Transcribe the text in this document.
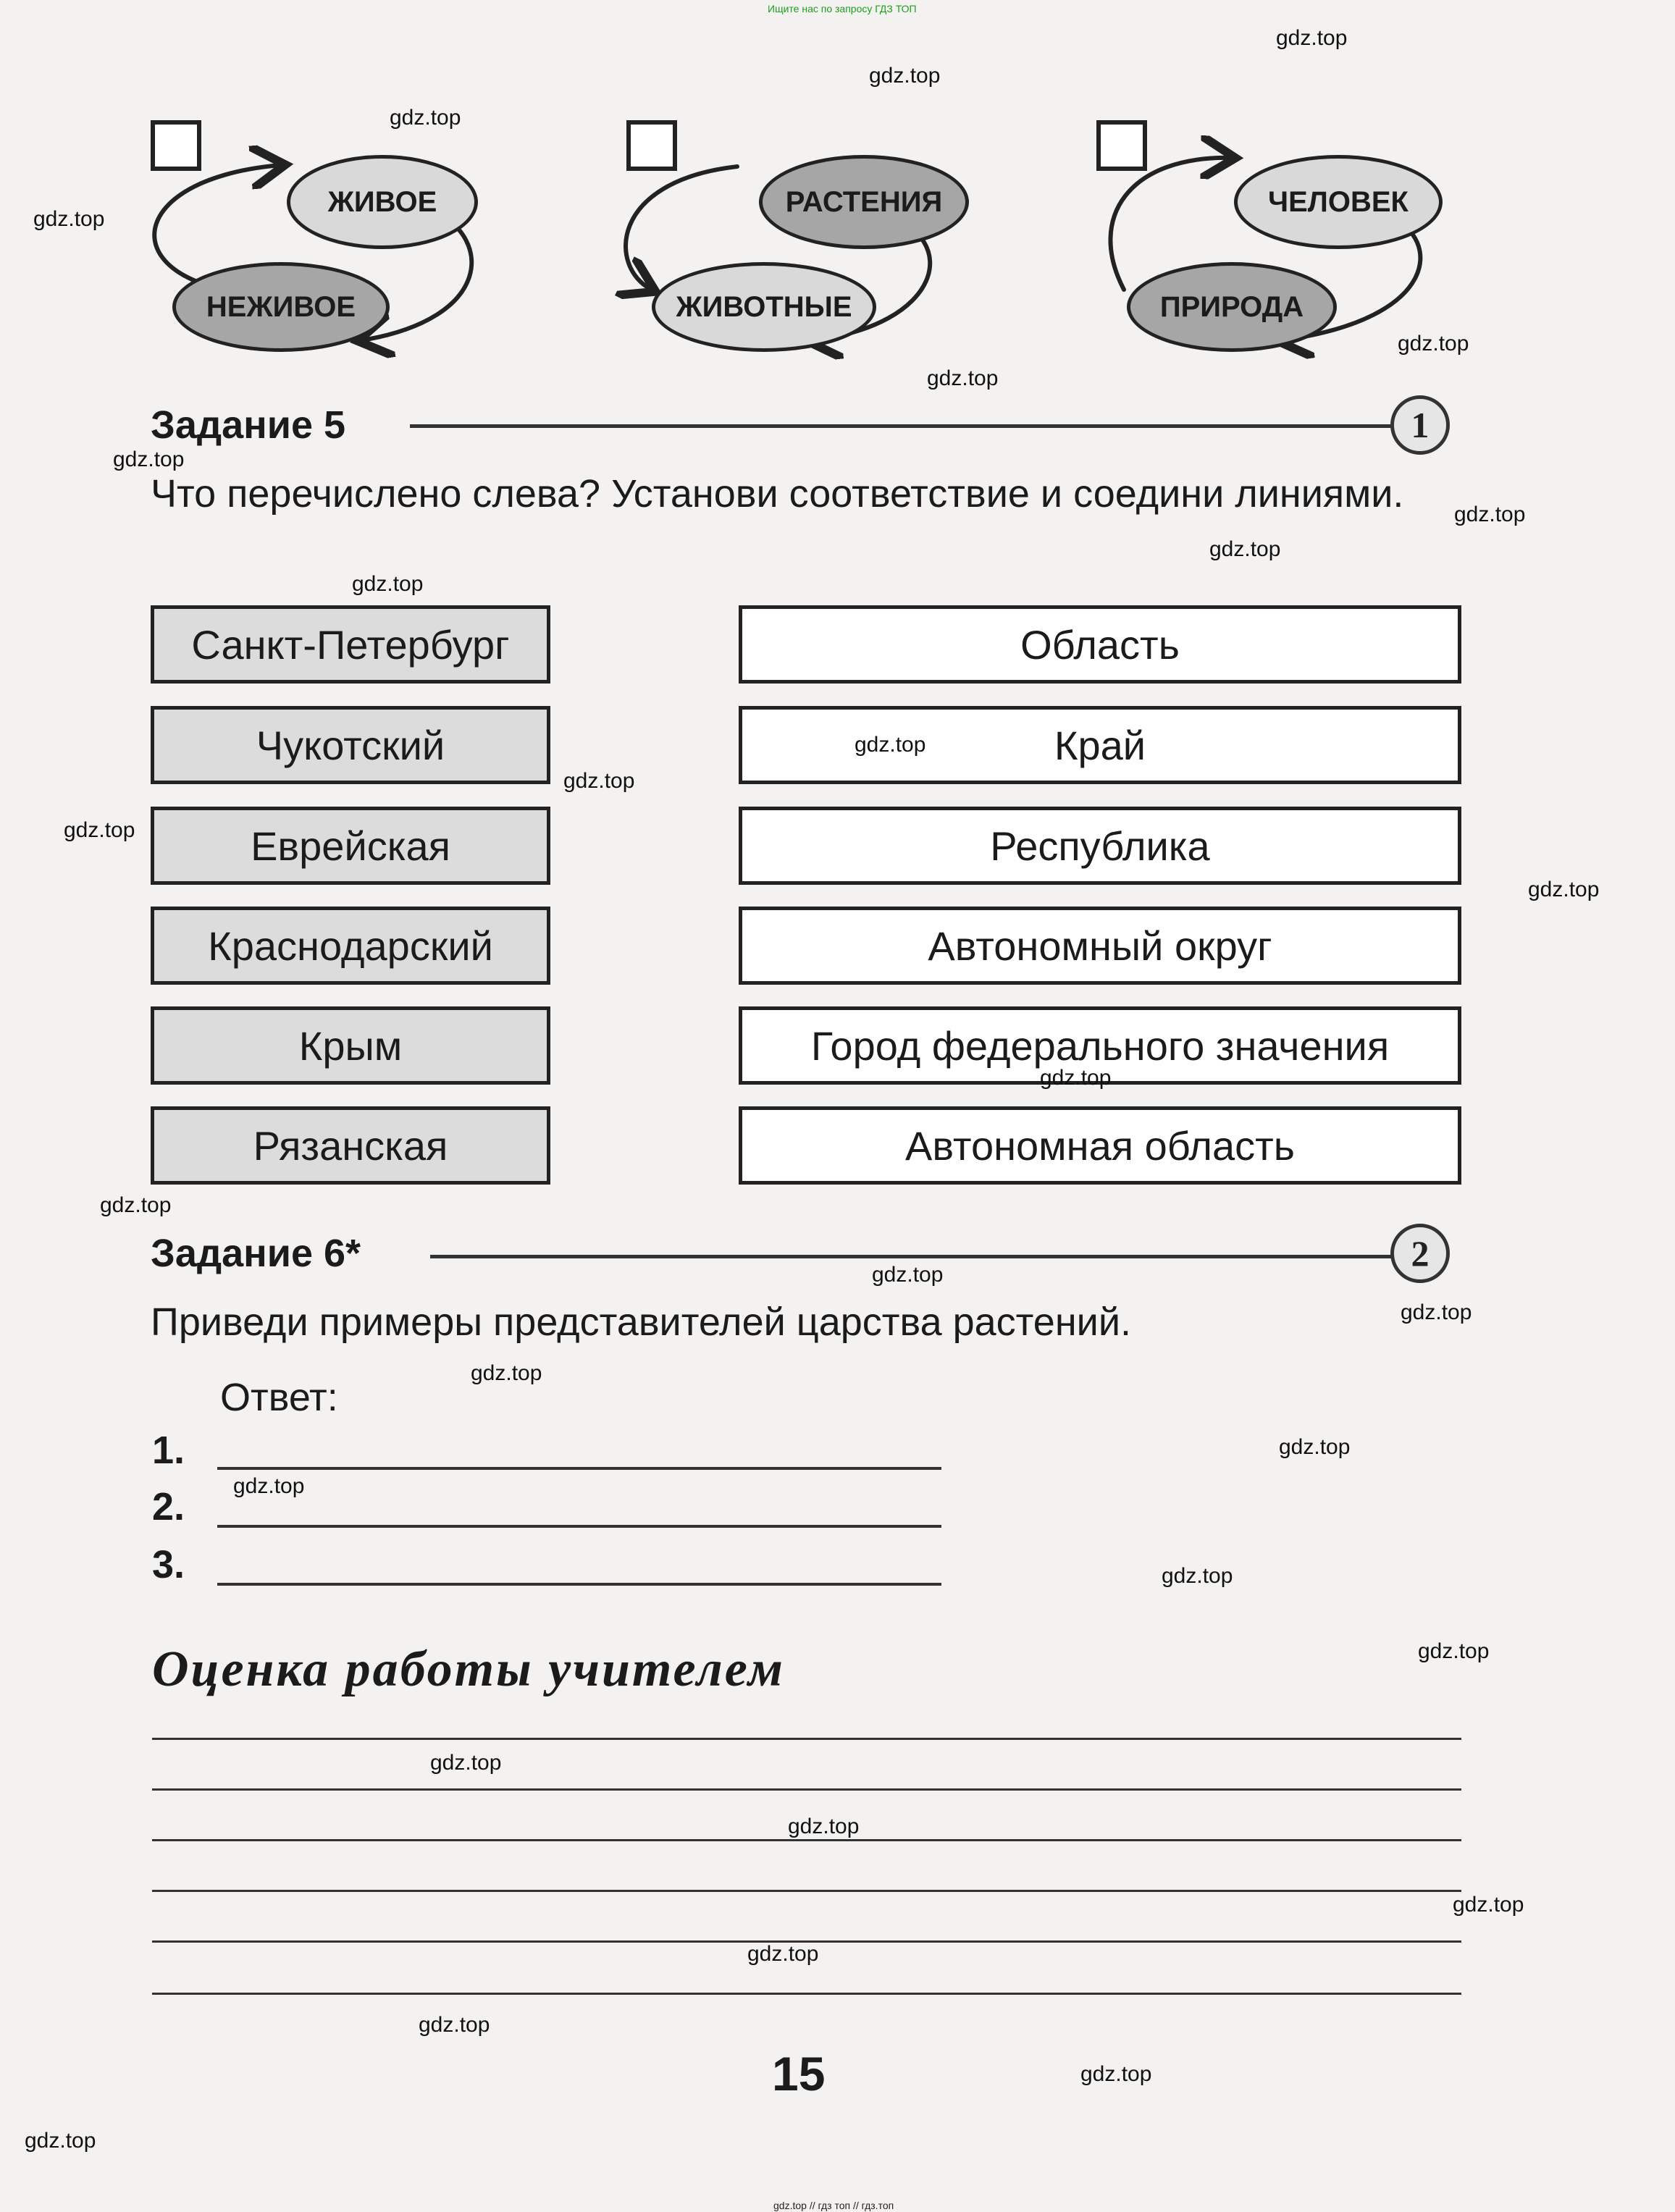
Ищите нас по запросу ГДЗ ТОП
gdz.top // гдз топ // гдз.топ
ЖИВОЕ
НЕЖИВОЕ
РАСТЕНИЯ
ЖИВОТНЫЕ
ЧЕЛОВЕК
ПРИРОДА
Задание 5	1
Что перечислено слева? Установи соответствие и соедини линиями.
Санкт-Петербург
Чукотский
Еврейская
Краснодарский
Крым
Рязанская
Область
Край
Республика
Автономный округ
Город федерального значения
Автономная область
Задание 6*	2
Приведи примеры представителей царства растений.
Ответ:
1.
2.
3.
Оценка работы учителем
15
gdz.top
gdz.top
gdz.top
gdz.top
gdz.top
gdz.top
gdz.top
gdz.top
gdz.top
gdz.top
gdz.top
gdz.top
gdz.top
gdz.top
gdz.top
gdz.top
gdz.top
gdz.top
gdz.top
gdz.top
gdz.top
gdz.top
gdz.top
gdz.top
gdz.top
gdz.top
gdz.top
gdz.top
gdz.top
gdz.top
